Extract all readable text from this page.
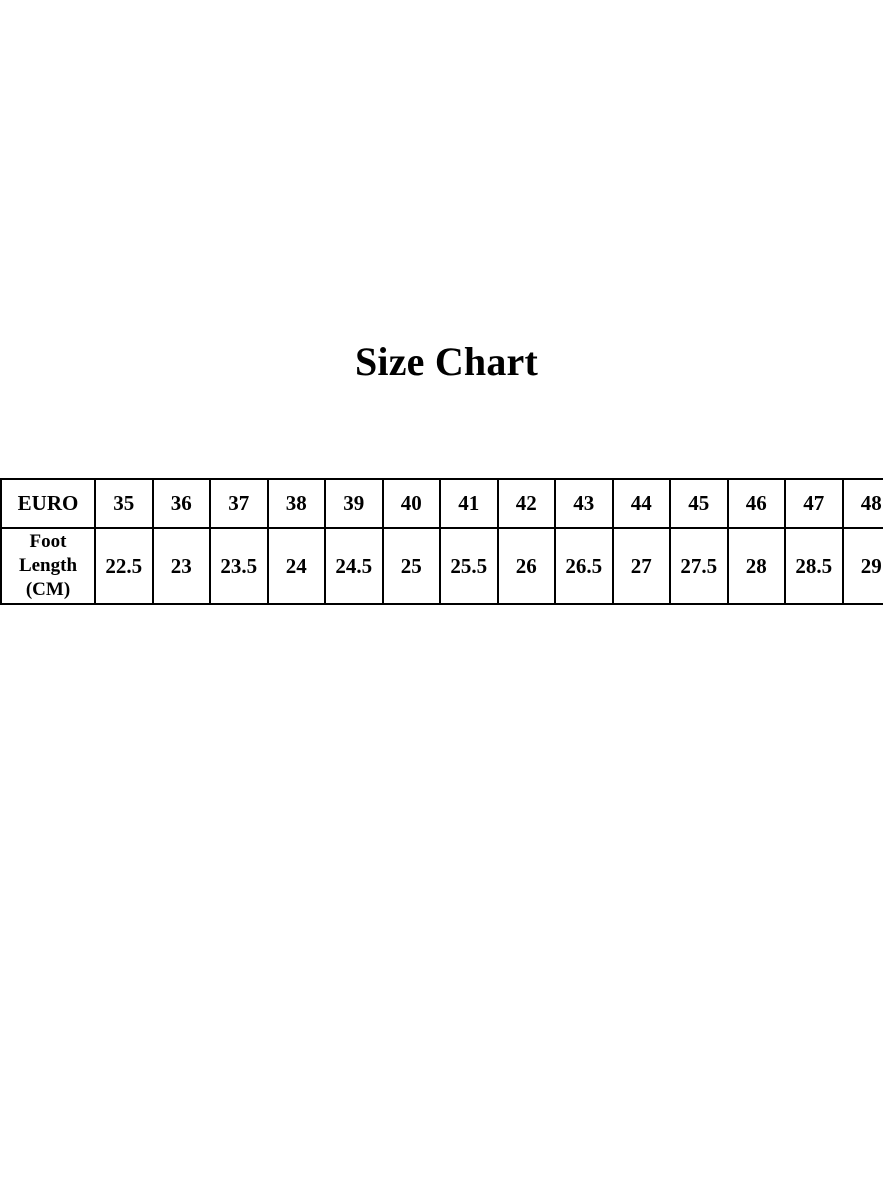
Size Chart
EURO	35	36	37	38	39	40	41	42	43	44	45	46	47	48

Foot
Length
(CM)	22.5	23	23.5	24	24.5	25	25.5	26	26.5	27	27.5	28	28.5	29
